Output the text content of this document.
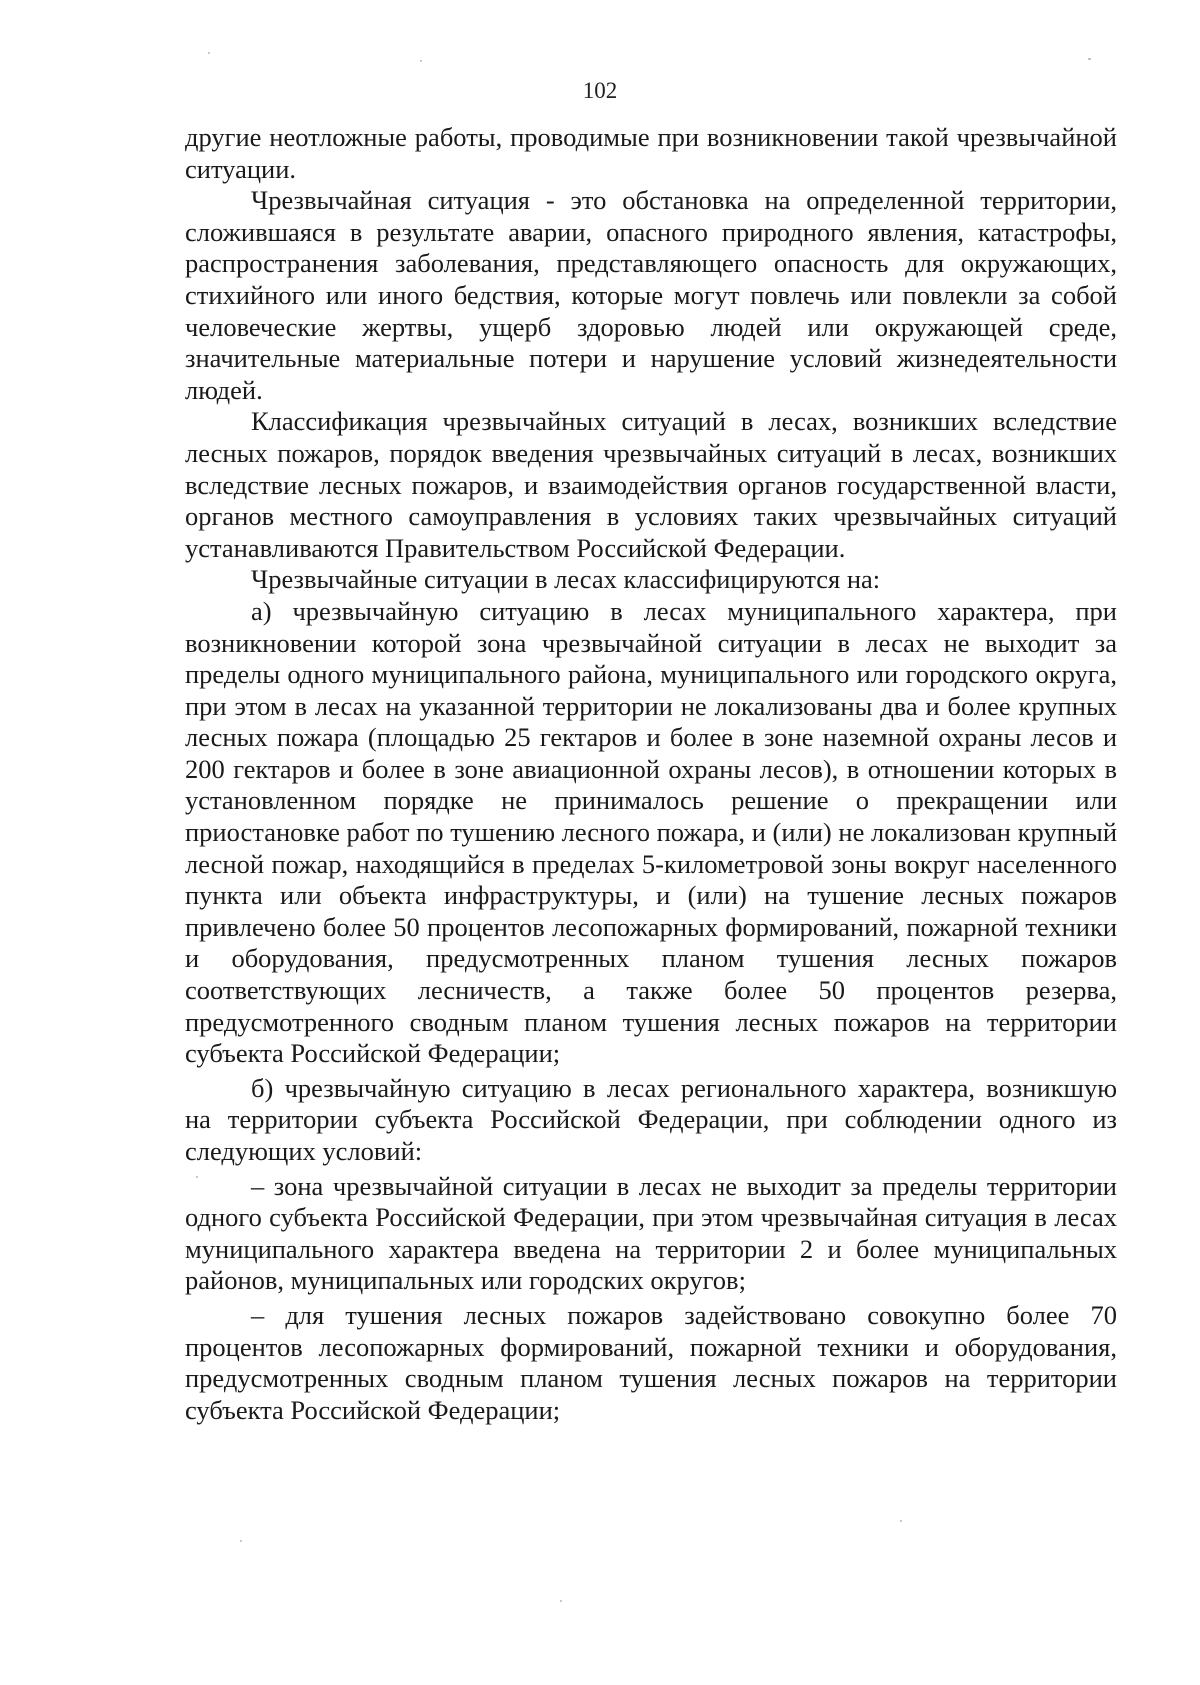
102

другие неотложные работы, проводимые при возникновении такой чрезвычайной ситуации.

Чрезвычайная ситуация - это обстановка на определенной территории, сложившаяся в результате аварии, опасного природного явления, катастрофы, распространения заболевания, представляющего опасность для окружающих, стихийного или иного бедствия, которые могут повлечь или повлекли за собой человеческие жертвы, ущерб здоровью людей или окружающей среде, значительные материальные потери и нарушение условий жизнедеятельности людей.

Классификация чрезвычайных ситуаций в лесах, возникших вследствие лесных пожаров, порядок введения чрезвычайных ситуаций в лесах, возникших вследствие лесных пожаров, и взаимодействия органов государственной власти, органов местного самоуправления в условиях таких чрезвычайных ситуаций устанавливаются Правительством Российской Федерации.

Чрезвычайные ситуации в лесах классифицируются на:

а) чрезвычайную ситуацию в лесах муниципального характера, при возникновении которой зона чрезвычайной ситуации в лесах не выходит за пределы одного муниципального района, муниципального или городского округа, при этом в лесах на указанной территории не локализованы два и более крупных лесных пожара (площадью 25 гектаров и более в зоне наземной охраны лесов и 200 гектаров и более в зоне авиационной охраны лесов), в отношении которых в установленном порядке не принималось решение о прекращении или приостановке работ по тушению лесного пожара, и (или) не локализован крупный лесной пожар, находящийся в пределах 5-километровой зоны вокруг населенного пункта или объекта инфраструктуры, и (или) на тушение лесных пожаров привлечено более 50 процентов лесопожарных формирований, пожарной техники и оборудования, предусмотренных планом тушения лесных пожаров соответствующих лесничеств, а также более 50 процентов резерва, предусмотренного сводным планом тушения лесных пожаров на территории субъекта Российской Федерации;

б) чрезвычайную ситуацию в лесах регионального характера, возникшую на территории субъекта Российской Федерации, при соблюдении одного из следующих условий:

– зона чрезвычайной ситуации в лесах не выходит за пределы территории одного субъекта Российской Федерации, при этом чрезвычайная ситуация в лесах муниципального характера введена на территории 2 и более муниципальных районов, муниципальных или городских округов;

– для тушения лесных пожаров задействовано совокупно более 70 процентов лесопожарных формирований, пожарной техники и оборудования, предусмотренных сводным планом тушения лесных пожаров на территории субъекта Российской Федерации;
